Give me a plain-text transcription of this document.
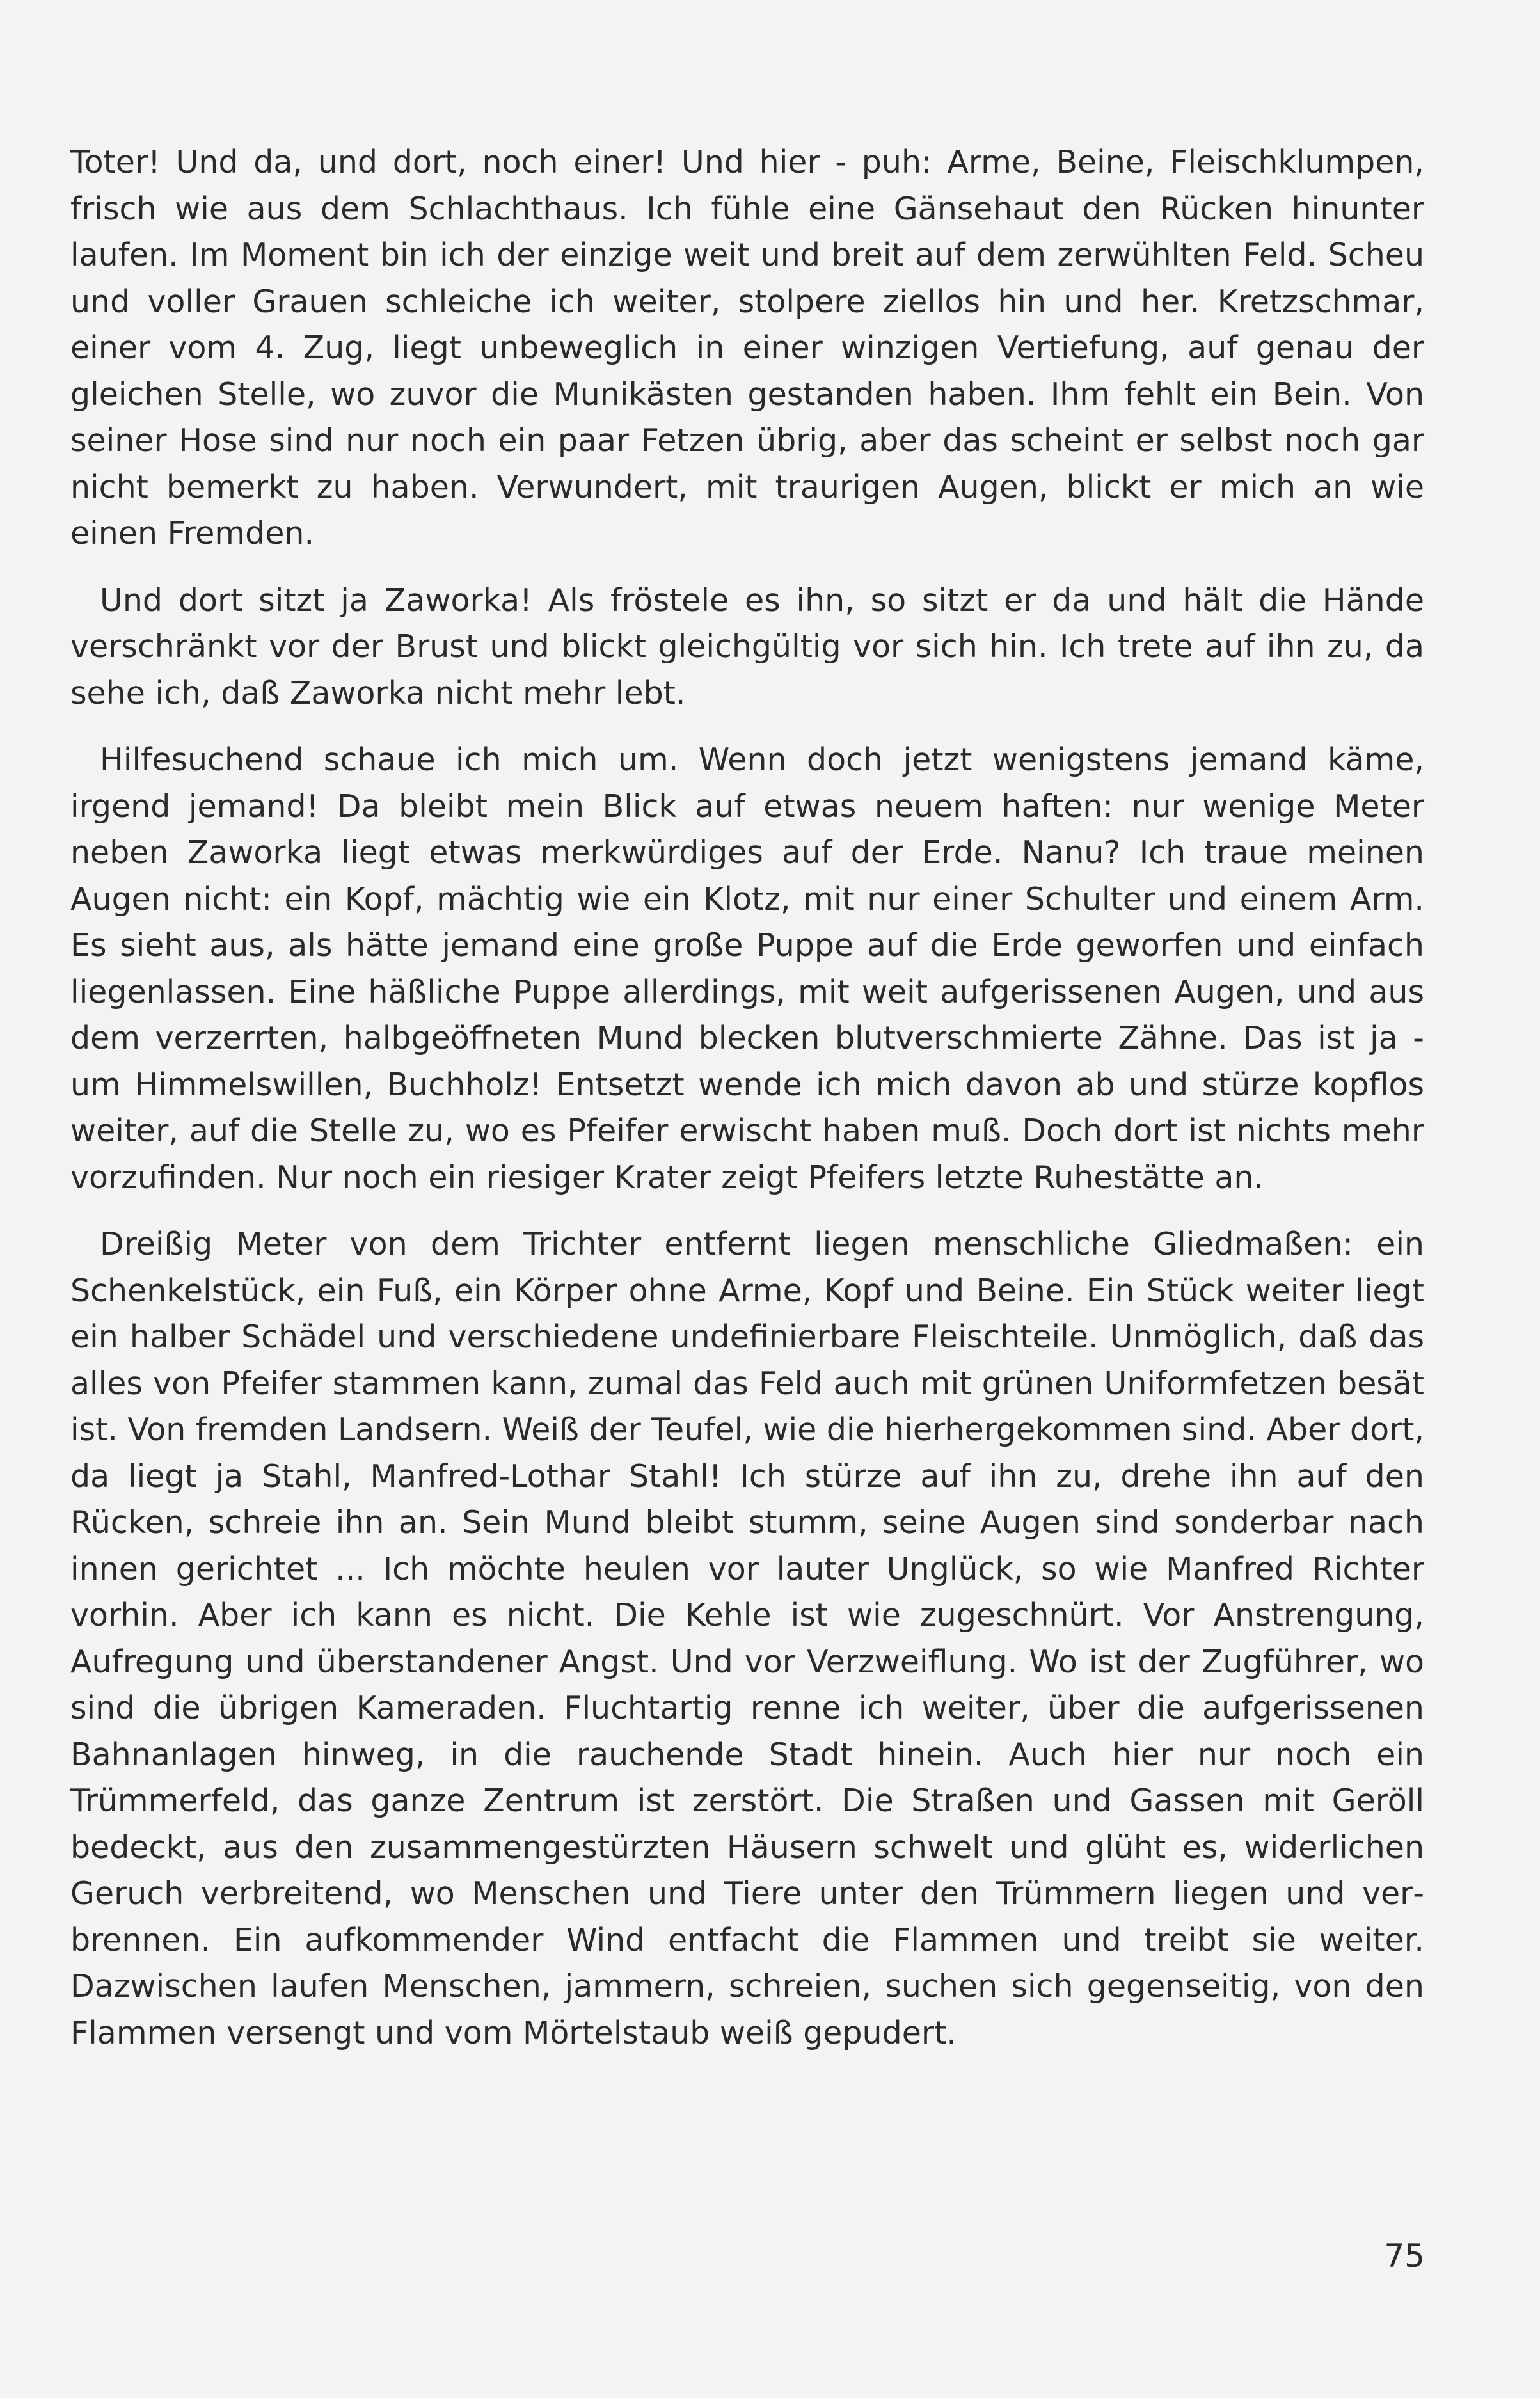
Toter! Und da, und dort, noch einer! Und hier - puh: Arme, Beine, Fleischklumpen, frisch wie aus dem Schlachthaus. Ich fühle eine Gänsehaut den Rücken hinunter laufen. Im Moment bin ich der einzige weit und breit auf dem zerwühlten Feld. Scheu und voller Grauen schleiche ich weiter, stolpere ziellos hin und her. Kretzschmar, einer vom 4. Zug, liegt unbeweglich in einer winzigen Vertiefung, auf genau der gleichen Stelle, wo zuvor die Munikästen gestanden haben. Ihm fehlt ein Bein. Von seiner Hose sind nur noch ein paar Fetzen übrig, aber das scheint er selbst noch gar nicht bemerkt zu haben. Verwundert, mit traurigen Augen, blickt er mich an wie einen Fremden.

Und dort sitzt ja Zaworka! Als fröstele es ihn, so sitzt er da und hält die Hände verschränkt vor der Brust und blickt gleichgültig vor sich hin. Ich trete auf ihn zu, da sehe ich, daß Zaworka nicht mehr lebt.

Hilfesuchend schaue ich mich um. Wenn doch jetzt wenigstens jemand käme, irgend jemand! Da bleibt mein Blick auf etwas neuem haften: nur wenige Meter neben Zaworka liegt etwas merkwürdiges auf der Erde. Nanu? Ich traue meinen Augen nicht: ein Kopf, mächtig wie ein Klotz, mit nur einer Schulter und einem Arm. Es sieht aus, als hätte jemand eine große Puppe auf die Erde geworfen und einfach liegenlassen. Eine häßliche Puppe allerdings, mit weit aufgerissenen Augen, und aus dem verzerrten, halbgeöffneten Mund blecken blutverschmierte Zähne. Das ist ja - um Himmelswillen, Buchholz! Entsetzt wende ich mich davon ab und stürze kopflos weiter, auf die Stelle zu, wo es Pfeifer erwischt haben muß. Doch dort ist nichts mehr vorzufinden. Nur noch ein riesiger Krater zeigt Pfeifers letzte Ruhestätte an.

Dreißig Meter von dem Trichter entfernt liegen menschliche Gliedmaßen: ein Schenkelstück, ein Fuß, ein Körper ohne Arme, Kopf und Beine. Ein Stück weiter liegt ein halber Schädel und verschiedene undefinierbare Fleischteile. Unmöglich, daß das alles von Pfeifer stammen kann, zumal das Feld auch mit grünen Uniformfetzen besät ist. Von fremden Landsern. Weiß der Teufel, wie die hierhergekommen sind. Aber dort, da liegt ja Stahl, Manfred-Lothar Stahl! Ich stürze auf ihn zu, drehe ihn auf den Rücken, schreie ihn an. Sein Mund bleibt stumm, seine Augen sind sonderbar nach innen gerichtet ... Ich möchte heulen vor lauter Unglück, so wie Manfred Richter vorhin. Aber ich kann es nicht. Die Kehle ist wie zugeschnürt. Vor Anstrengung, Aufregung und überstandener Angst. Und vor Verzweiflung. Wo ist der Zugführer, wo sind die übrigen Kameraden. Fluchtartig renne ich weiter, über die aufgerissenen Bahnanlagen hinweg, in die rauchende Stadt hinein. Auch hier nur noch ein Trümmerfeld, das ganze Zentrum ist zerstört. Die Straßen und Gassen mit Geröll bedeckt, aus den zusammengestürzten Häusern schwelt und glüht es, widerlichen Geruch verbreitend, wo Menschen und Tiere unter den Trümmern liegen und verbrennen. Ein aufkommender Wind entfacht die Flammen und treibt sie weiter. Dazwischen laufen Menschen, jammern, schreien, suchen sich gegenseitig, von den Flammen versengt und vom Mörtelstaub weiß gepudert.

75
